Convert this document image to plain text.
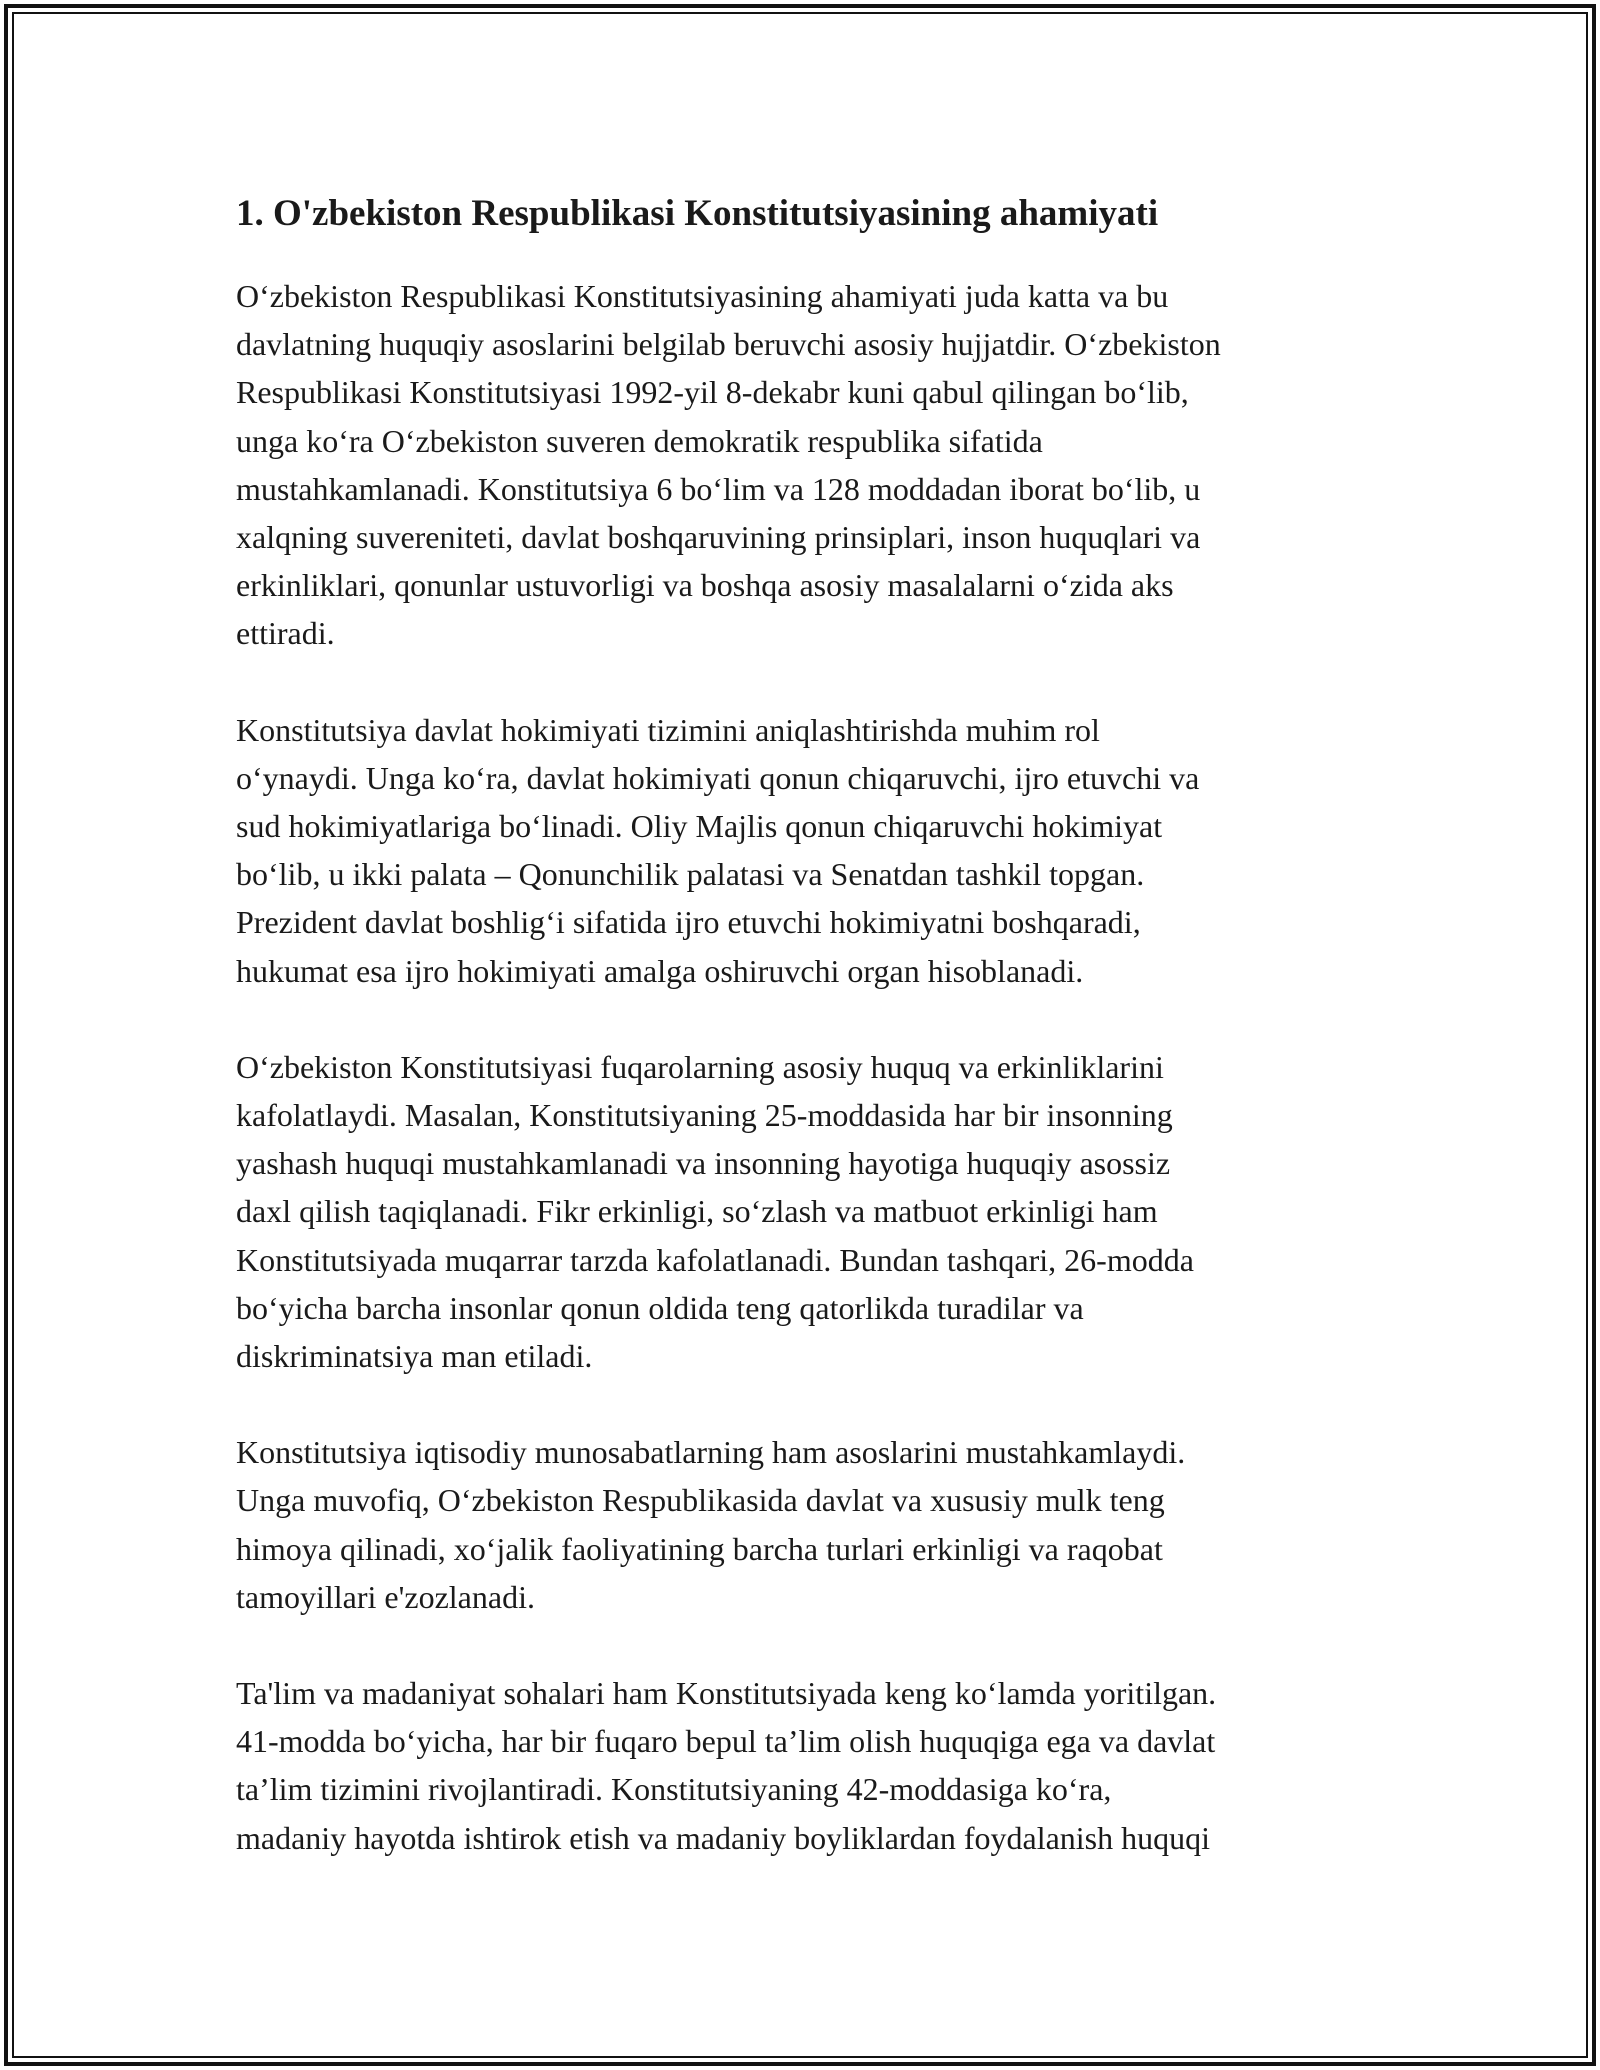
1. O'zbekiston Respublikasi Konstitutsiyasining ahamiyati

O‘zbekiston Respublikasi Konstitutsiyasining ahamiyati juda katta va bu
davlatning huquqiy asoslarini belgilab beruvchi asosiy hujjatdir. O‘zbekiston
Respublikasi Konstitutsiyasi 1992-yil 8-dekabr kuni qabul qilingan bo‘lib,
unga ko‘ra O‘zbekiston suveren demokratik respublika sifatida
mustahkamlanadi. Konstitutsiya 6 bo‘lim va 128 moddadan iborat bo‘lib, u
xalqning suvereniteti, davlat boshqaruvining prinsiplari, inson huquqlari va
erkinliklari, qonunlar ustuvorligi va boshqa asosiy masalalarni o‘zida aks
ettiradi.

Konstitutsiya davlat hokimiyati tizimini aniqlashtirishda muhim rol
o‘ynaydi. Unga ko‘ra, davlat hokimiyati qonun chiqaruvchi, ijro etuvchi va
sud hokimiyatlariga bo‘linadi. Oliy Majlis qonun chiqaruvchi hokimiyat
bo‘lib, u ikki palata – Qonunchilik palatasi va Senatdan tashkil topgan.
Prezident davlat boshlig‘i sifatida ijro etuvchi hokimiyatni boshqaradi,
hukumat esa ijro hokimiyati amalga oshiruvchi organ hisoblanadi.

O‘zbekiston Konstitutsiyasi fuqarolarning asosiy huquq va erkinliklarini
kafolatlaydi. Masalan, Konstitutsiyaning 25-moddasida har bir insonning
yashash huquqi mustahkamlanadi va insonning hayotiga huquqiy asossiz
daxl qilish taqiqlanadi. Fikr erkinligi, so‘zlash va matbuot erkinligi ham
Konstitutsiyada muqarrar tarzda kafolatlanadi. Bundan tashqari, 26-modda
bo‘yicha barcha insonlar qonun oldida teng qatorlikda turadilar va
diskriminatsiya man etiladi.

Konstitutsiya iqtisodiy munosabatlarning ham asoslarini mustahkamlaydi.
Unga muvofiq, O‘zbekiston Respublikasida davlat va xususiy mulk teng
himoya qilinadi, xo‘jalik faoliyatining barcha turlari erkinligi va raqobat
tamoyillari e'zozlanadi.

Ta'lim va madaniyat sohalari ham Konstitutsiyada keng ko‘lamda yoritilgan.
41-modda bo‘yicha, har bir fuqaro bepul ta’lim olish huquqiga ega va davlat
ta’lim tizimini rivojlantiradi. Konstitutsiyaning 42-moddasiga ko‘ra,
madaniy hayotda ishtirok etish va madaniy boyliklardan foydalanish huquqi
